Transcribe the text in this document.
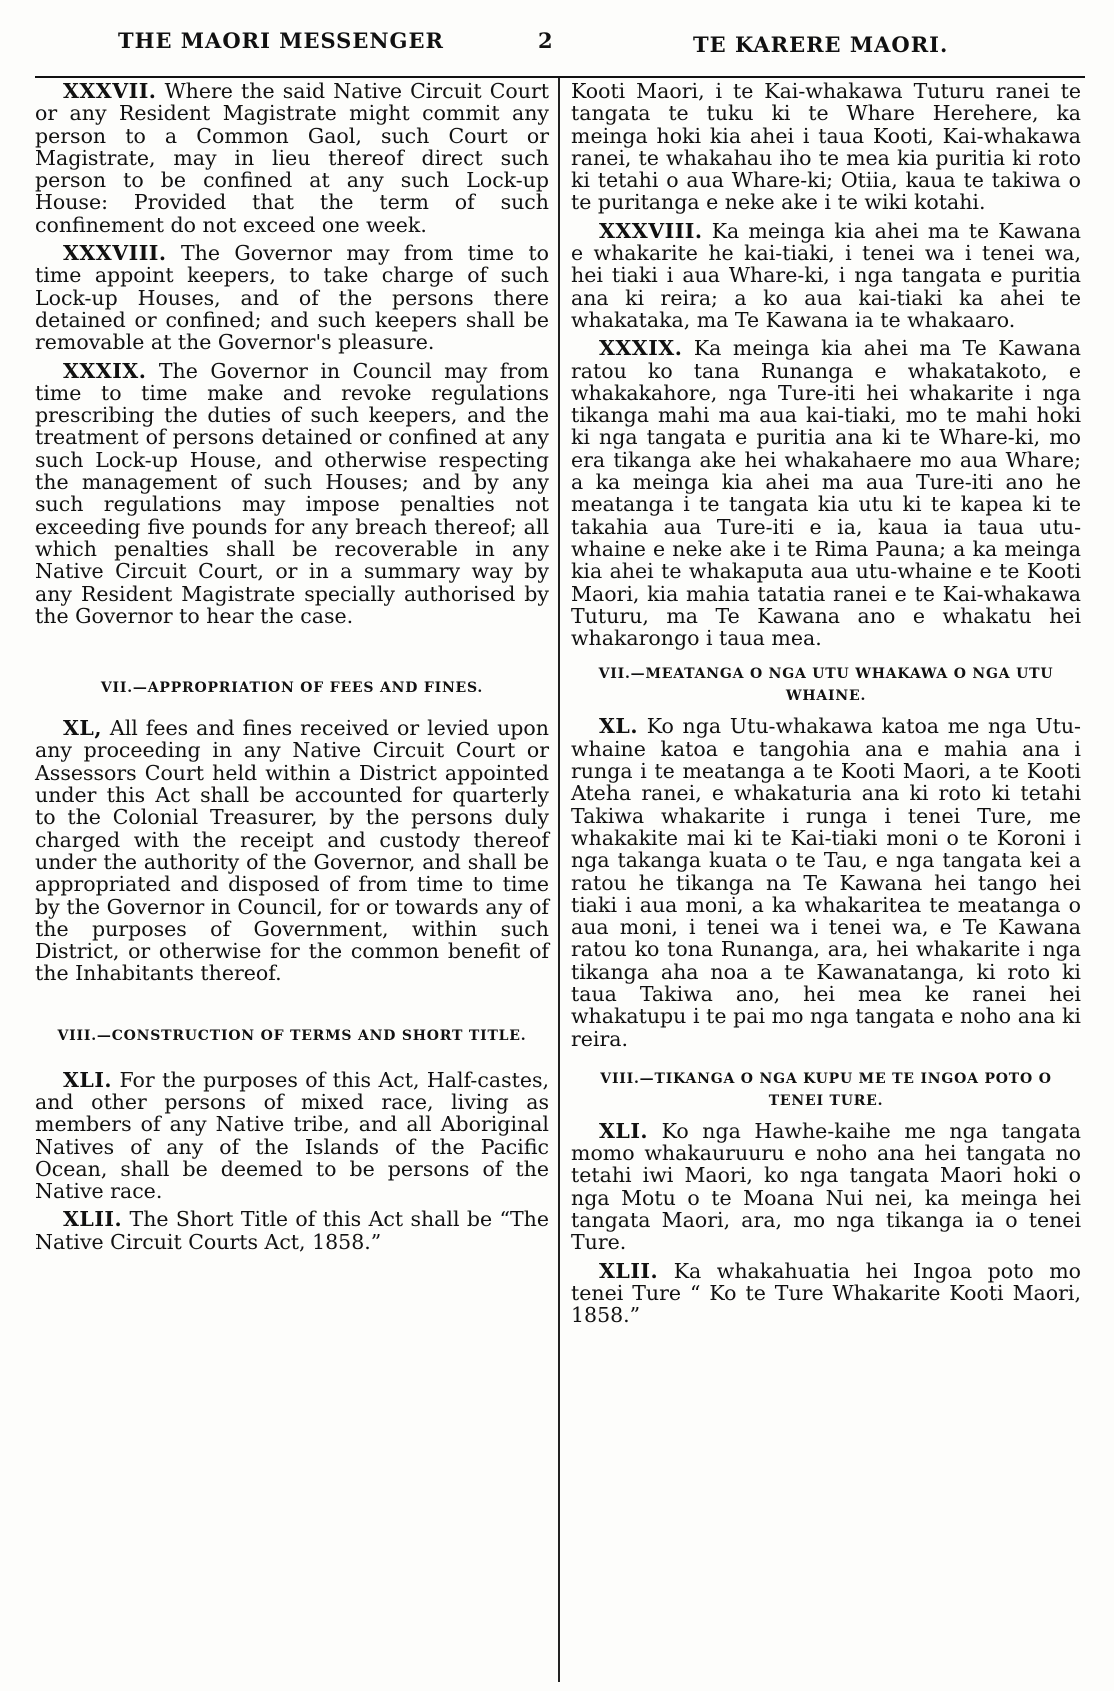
THE MAORI MESSENGER	2	TE KARERE MAORI.

XXXVII. Where the said Native Circuit Court or any Resident Magistrate might commit any person to a Common Gaol, such Court or Magistrate, may in lieu thereof direct such person to be confined at any such Lock-up House: Provided that the term of such confinement do not exceed one week.

XXXVIII. The Governor may from time to time appoint keepers, to take charge of such Lock-up Houses, and of the persons there detained or confined; and such keepers shall be removable at the Governor's pleasure.

XXXIX. The Governor in Council may from time to time make and revoke regulations prescribing the duties of such keepers, and the treatment of persons detained or confined at any such Lock-up House, and otherwise respecting the management of such Houses; and by any such regulations may impose penalties not exceeding five pounds for any breach thereof; all which penalties shall be recoverable in any Native Circuit Court, or in a summary way by any Resident Magistrate specially authorised by the Governor to hear the case.

VII.—APPROPRIATION OF FEES AND FINES.

XL, All fees and fines received or levied upon any proceeding in any Native Circuit Court or Assessors Court held within a District appointed under this Act shall be accounted for quarterly to the Colonial Treasurer, by the persons duly charged with the receipt and custody thereof under the authority of the Governor, and shall be appropriated and disposed of from time to time by the Governor in Council, for or towards any of the purposes of Government, within such District, or otherwise for the common benefit of the Inhabitants thereof.

VIII.—CONSTRUCTION OF TERMS AND SHORT TITLE.

XLI. For the purposes of this Act, Half-castes, and other persons of mixed race, living as members of any Native tribe, and all Aboriginal Natives of any of the Islands of the Pacific Ocean, shall be deemed to be persons of the Native race.

XLII. The Short Title of this Act shall be “The Native Circuit Courts Act, 1858.”

Kooti Maori, i te Kai-whakawa Tuturu ranei te tangata te tuku ki te Whare Herehere, ka meinga hoki kia ahei i taua Kooti, Kai-whakawa ranei, te whakahau iho te mea kia puritia ki roto ki tetahi o aua Whare-ki; Otiia, kaua te takiwa o te puritanga e neke ake i te wiki kotahi.

XXXVIII. Ka meinga kia ahei ma te Kawana e whakarite he kai-tiaki, i tenei wa i tenei wa, hei tiaki i aua Whare-ki, i nga tangata e puritia ana ki reira; a ko aua kai-tiaki ka ahei te whakataka, ma Te Kawana ia te whakaaro.

XXXIX. Ka meinga kia ahei ma Te Kawana ratou ko tana Runanga e whakatakoto, e whakakahore, nga Ture-iti hei whakarite i nga tikanga mahi ma aua kai-tiaki, mo te mahi hoki ki nga tangata e puritia ana ki te Whare-ki, mo era tikanga ake hei whakahaere mo aua Whare; a ka meinga kia ahei ma aua Ture-iti ano he meatanga i te tangata kia utu ki te kapea ki te takahia aua Ture-iti e ia, kaua ia taua utu-whaine e neke ake i te Rima Pauna; a ka meinga kia ahei te whakaputa aua utu-whaine e te Kooti Maori, kia mahia tatatia ranei e te Kai-whakawa Tuturu, ma Te Kawana ano e whakatu hei whakarongo i taua mea.

VII.—MEATANGA O NGA UTU WHAKAWA O NGA UTU WHAINE.

XL. Ko nga Utu-whakawa katoa me nga Utu-whaine katoa e tangohia ana e mahia ana i runga i te meatanga a te Kooti Maori, a te Kooti Ateha ranei, e whakaturia ana ki roto ki tetahi Takiwa whakarite i runga i tenei Ture, me whakakite mai ki te Kai-tiaki moni o te Koroni i nga takanga kuata o te Tau, e nga tangata kei a ratou he tikanga na Te Kawana hei tango hei tiaki i aua moni, a ka whakaritea te meatanga o aua moni, i tenei wa i tenei wa, e Te Kawana ratou ko tona Runanga, ara, hei whakarite i nga tikanga aha noa a te Kawanatanga, ki roto ki taua Takiwa ano, hei mea ke ranei hei whakatupu i te pai mo nga tangata e noho ana ki reira.

VIII.—TIKANGA O NGA KUPU ME TE INGOA POTO O TENEI TURE.

XLI. Ko nga Hawhe-kaihe me nga tangata momo whakauruuru e noho ana hei tangata no tetahi iwi Maori, ko nga tangata Maori hoki o nga Motu o te Moana Nui nei, ka meinga hei tangata Maori, ara, mo nga tikanga ia o tenei Ture.

XLII. Ka whakahuatia hei Ingoa poto mo tenei Ture “ Ko te Ture Whakarite Kooti Maori, 1858.”
